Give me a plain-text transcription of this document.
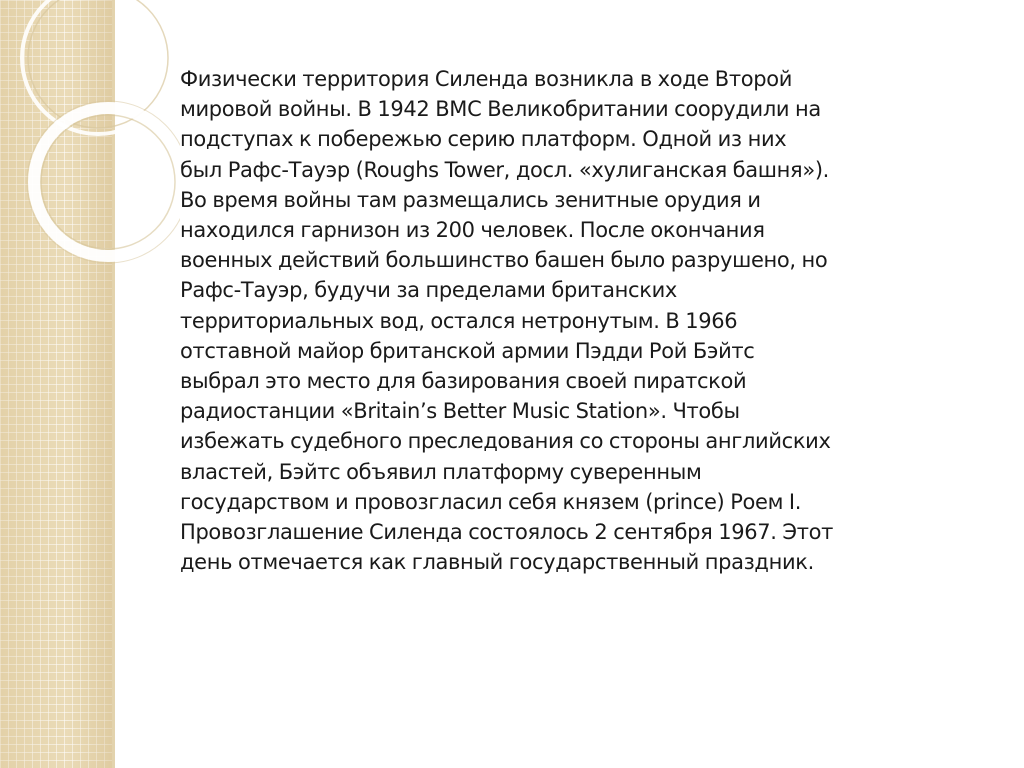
Физически территория Силенда возникла в ходе Второй
мировой войны. В 1942 ВМС Великобритании соорудили на
подступах к побережью серию платформ. Одной из них
был Рафс-Тауэр (Roughs Tower, досл. «хулиганская башня»).
Во время войны там размещались зенитные орудия и
находился гарнизон из 200 человек. После окончания
военных действий большинство башен было разрушено, но
Рафс-Тауэр, будучи за пределами британских
территориальных вод, остался нетронутым. В 1966
отставной майор британской армии Пэдди Рой Бэйтс
выбрал это место для базирования своей пиратской
радиостанции «Britain’s Better Music Station». Чтобы
избежать судебного преследования со стороны английских
властей, Бэйтс объявил платформу суверенным
государством и провозгласил себя князем (prince) Роем I.
Провозглашение Силенда состоялось 2 сентября 1967. Этот
день отмечается как главный государственный праздник.
